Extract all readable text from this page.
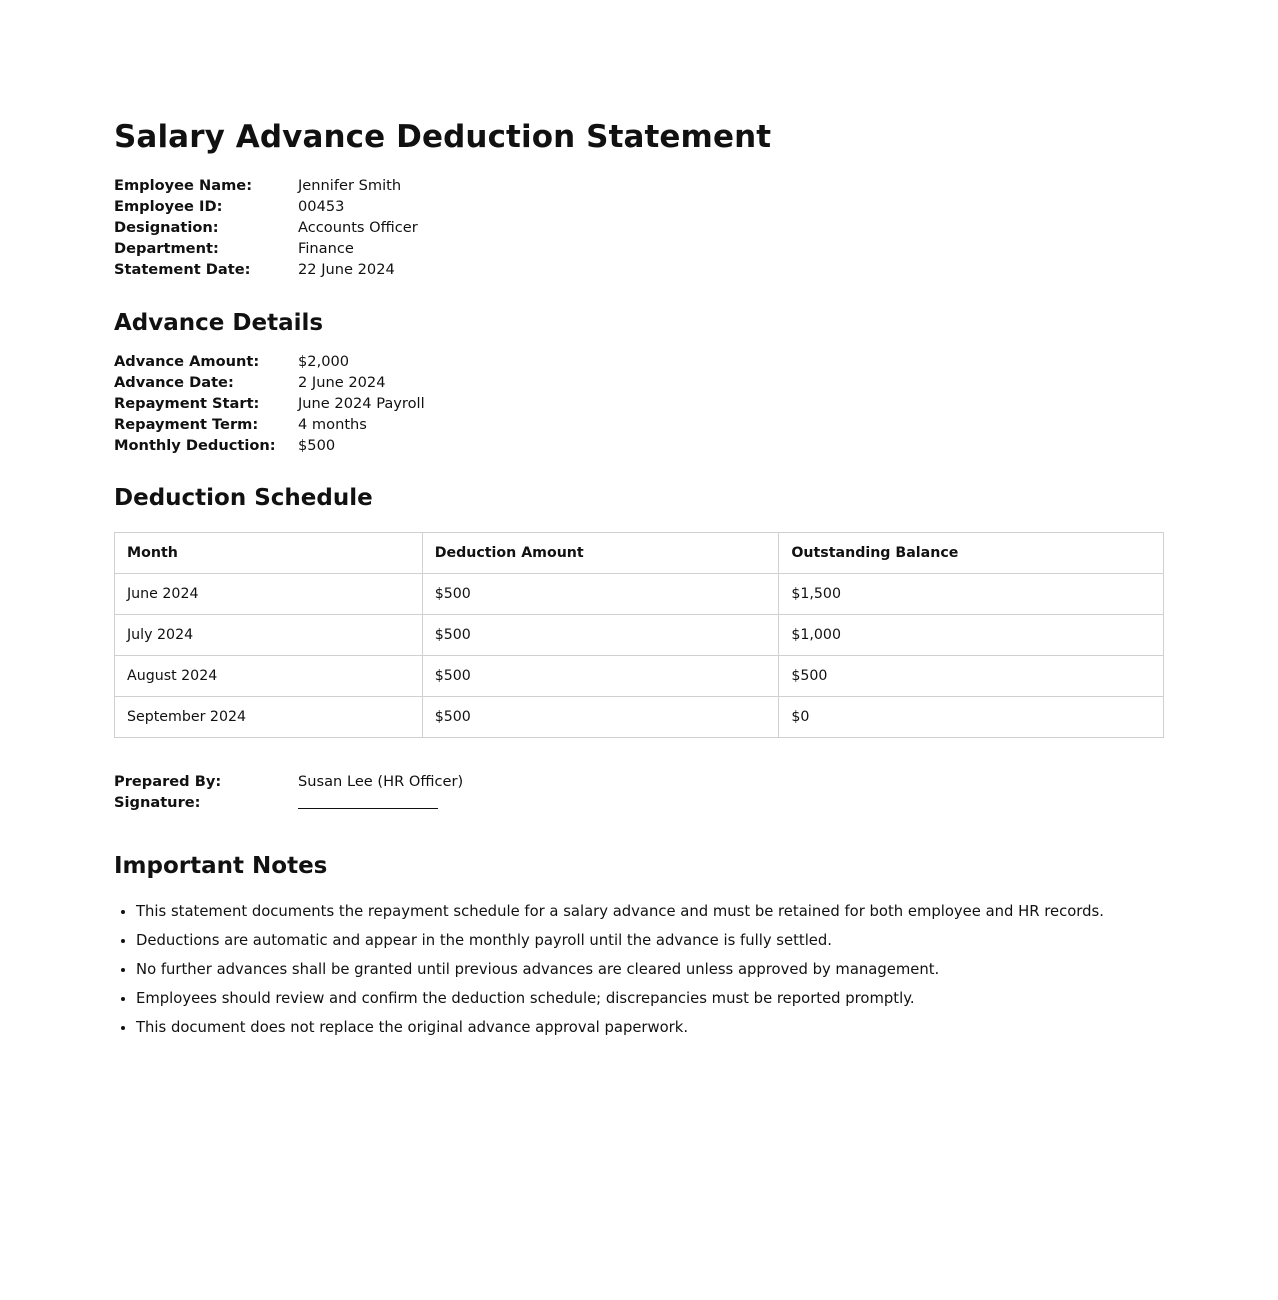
Salary Advance Deduction Statement
Employee Name:	Jennifer Smith
Employee ID:	00453
Designation:	Accounts Officer
Department:	Finance
Statement Date:	22 June 2024
Advance Details
Advance Amount:	$2,000
Advance Date:	2 June 2024
Repayment Start:	June 2024 Payroll
Repayment Term:	4 months
Monthly Deduction:	$500
Deduction Schedule
Month	Deduction Amount	Outstanding Balance
June 2024	$500	$1,500
July 2024	$500	$1,000
August 2024	$500	$500
September 2024	$500	$0
Prepared By:	Susan Lee (HR Officer)
Signature:
Important Notes
• This statement documents the repayment schedule for a salary advance and must be retained for both employee and HR records.
• Deductions are automatic and appear in the monthly payroll until the advance is fully settled.
• No further advances shall be granted until previous advances are cleared unless approved by management.
• Employees should review and confirm the deduction schedule; discrepancies must be reported promptly.
• This document does not replace the original advance approval paperwork.
